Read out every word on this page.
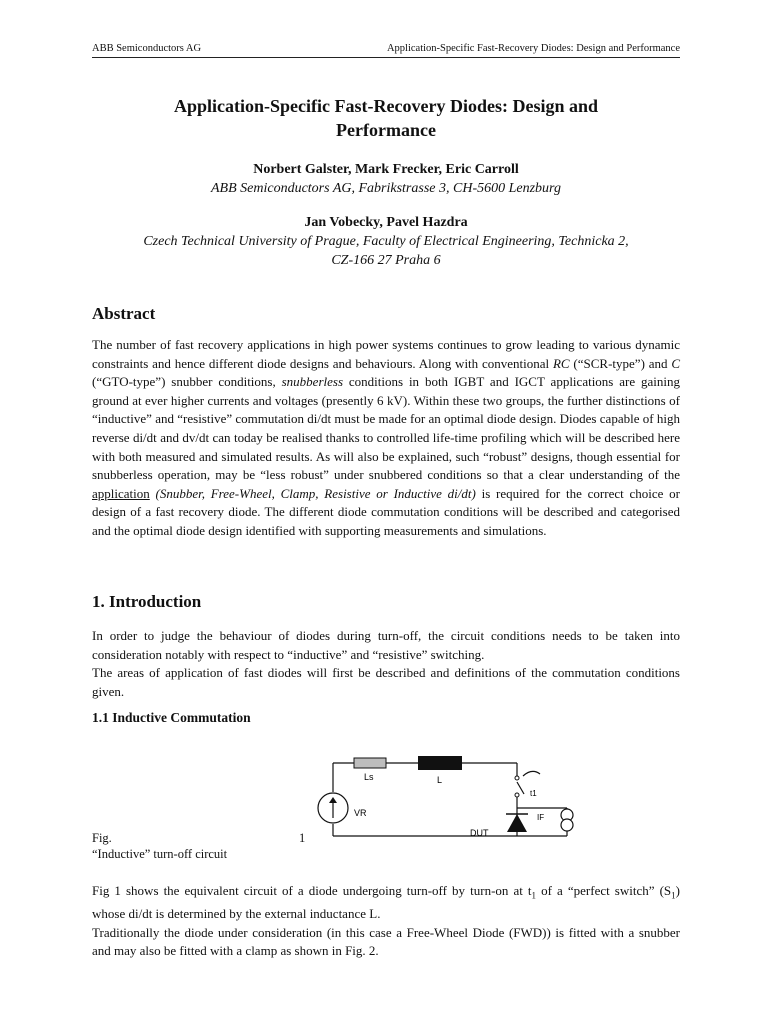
ABB Semiconductors AG	Application-Specific Fast-Recovery Diodes: Design and Performance
Application-Specific Fast-Recovery Diodes: Design and
Performance
Norbert Galster, Mark Frecker, Eric Carroll
ABB Semiconductors AG, Fabrikstrasse 3, CH-5600 Lenzburg
Jan Vobecky, Pavel Hazdra
Czech Technical University of Prague, Faculty of Electrical Engineering, Technicka 2,
CZ-166 27 Praha 6
Abstract

The number of fast recovery applications in high power systems continues to grow leading to various dynamic constraints and hence different diode designs and behaviours. Along with conventional RC (“SCR-type”) and C (“GTO-type”) snubber conditions, snubberless conditions in both IGBT and IGCT applications are gaining ground at ever higher currents and voltages (presently 6 kV). Within these two groups, the further distinctions of “inductive” and “resistive” commutation di/dt must be made for an optimal diode design. Diodes capable of high reverse di/dt and dv/dt can today be realised thanks to controlled life-time profiling which will be described here with both measured and simulated results. As will also be explained, such “robust” designs, though essential for snubberless operation, may be “less robust” under snubbered conditions so that a clear understanding of the application (Snubber, Free-Wheel, Clamp, Resistive or Inductive di/dt) is required for the correct choice or design of a fast recovery diode. The different diode commutation conditions will be described and categorised and the optimal diode design identified with supporting measurements and simulations.

1. Introduction

In order to judge the behaviour of diodes during turn-off, the circuit conditions needs to be taken into consideration notably with respect to “inductive” and “resistive” switching.

The areas of application of fast diodes will first be described and definitions of the commutation conditions given.

1.1 Inductive Commutation
Ls	L
VR
t1
IF
DUT
Fig.
“Inductive” turn-off circuit
1

Fig 1 shows the equivalent circuit of a diode undergoing turn-off by turn-on at $t_1$ of a “perfect switch” $(S_1)$ whose di/dt is determined by the external inductance L.

Traditionally the diode under consideration (in this case a Free-Wheel Diode (FWD)) is fitted with a snubber and may also be fitted with a clamp as shown in Fig. 2.
